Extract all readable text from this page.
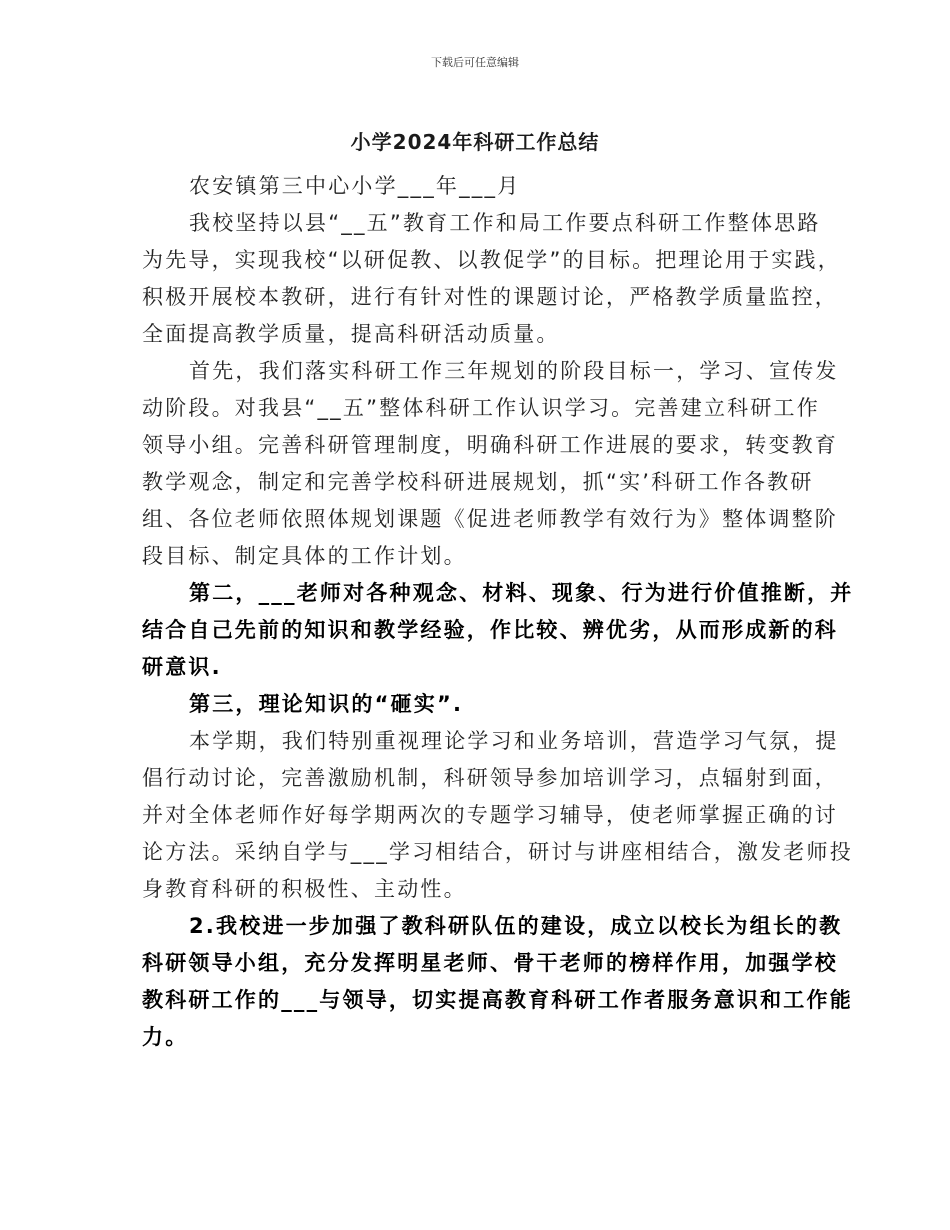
下载后可任意编辑
小学2024年科研工作总结
农安镇第三中心小学___年___月
我校坚持以县“__五”教育工作和局工作要点科研工作整体思路
为先导，实现我校“以研促教、以教促学”的目标。把理论用于实践，
积极开展校本教研，进行有针对性的课题讨论，严格教学质量监控，
全面提高教学质量，提高科研活动质量。
首先，我们落实科研工作三年规划的阶段目标一，学习、宣传发
动阶段。对我县“__五”整体科研工作认识学习。完善建立科研工作
领导小组。完善科研管理制度，明确科研工作进展的要求，转变教育
教学观念，制定和完善学校科研进展规划，抓“实’科研工作各教研
组、各位老师依照体规划课题《促进老师教学有效行为》整体调整阶
段目标、制定具体的工作计划。
第二，___老师对各种观念、材料、现象、行为进行价值推断，并
结合自己先前的知识和教学经验，作比较、辨优劣，从而形成新的科
研意识.
第三，理论知识的“砸实”.
本学期，我们特别重视理论学习和业务培训，营造学习气氛，提
倡行动讨论，完善激励机制，科研领导参加培训学习，点辐射到面，
并对全体老师作好每学期两次的专题学习辅导，使老师掌握正确的讨
论方法。采纳自学与___学习相结合，研讨与讲座相结合，激发老师投
身教育科研的积极性、主动性。
2.我校进一步加强了教科研队伍的建设，成立以校长为组长的教
科研领导小组，充分发挥明星老师、骨干老师的榜样作用，加强学校
教科研工作的___与领导，切实提高教育科研工作者服务意识和工作能
力。
